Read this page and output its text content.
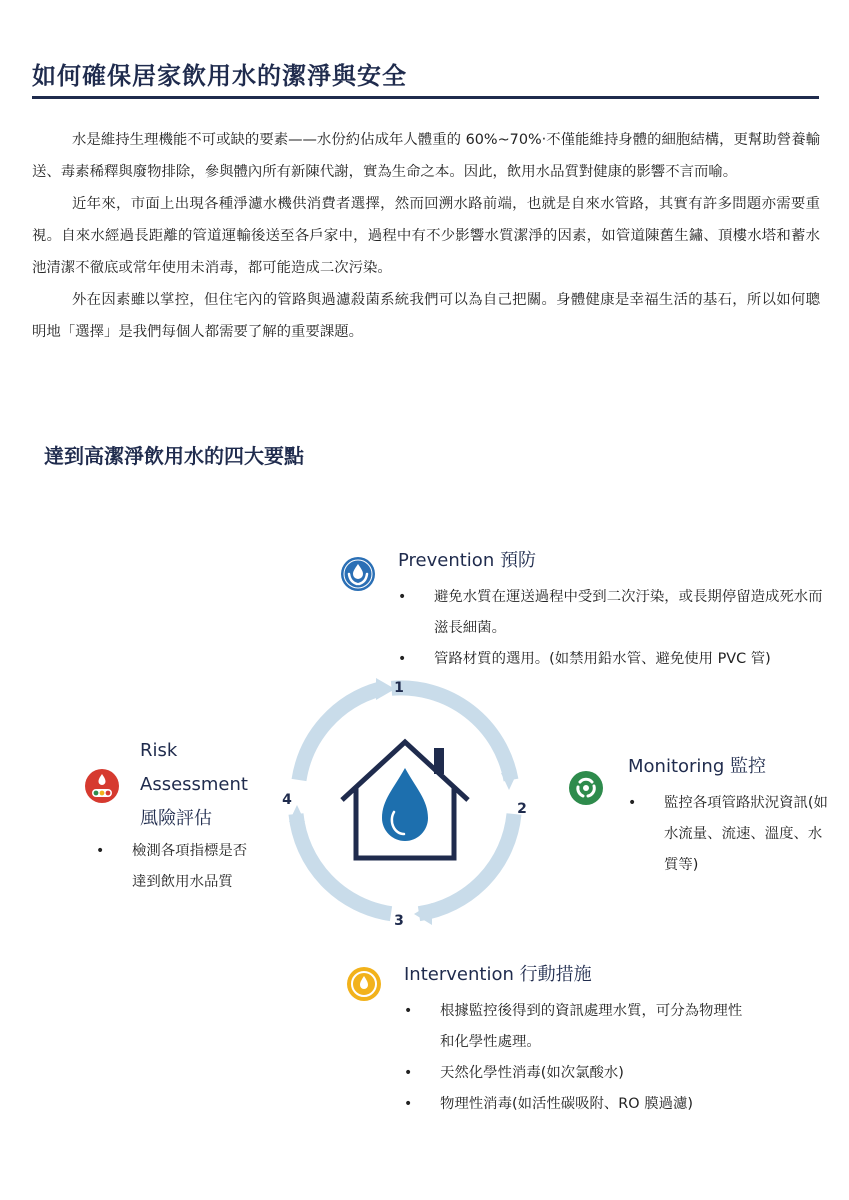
如何確保居家飲用水的潔淨與安全

水是維持生理機能不可或缺的要素——水份約佔成年人體重的 60%~70%‧不僅能維持身體的細胞結構，更幫助營養輸送、毒素稀釋與廢物排除，參與體內所有新陳代謝，實為生命之本。因此，飲用水品質對健康的影響不言而喻。

近年來，市面上出現各種淨濾水機供消費者選擇，然而回溯水路前端，也就是自來水管路，其實有許多問題亦需要重視。自來水經過長距離的管道運輸後送至各戶家中，過程中有不少影響水質潔淨的因素，如管道陳舊生鏽、頂樓水塔和蓄水池清潔不徹底或常年使用未消毒，都可能造成二次污染。

外在因素雖以掌控，但住宅內的管路與過濾殺菌系統我們可以為自己把關。身體健康是幸福生活的基石，所以如何聰明地「選擇」是我們每個人都需要了解的重要課題。

達到高潔淨飲用水的四大要點
1
2
3
4
Prevention 預防
• 避免水質在運送過程中受到二次汙染，或長期停留造成死水而滋長細菌。
• 管路材質的選用。(如禁用鉛水管、避免使用 PVC 管)
Monitoring 監控
• 監控各項管路狀況資訊(如水流量、流速、溫度、水質等)
Intervention 行動措施
• 根據監控後得到的資訊處理水質，可分為物理性和化學性處理。
• 天然化學性消毒(如次氯酸水)
• 物理性消毒(如活性碳吸附、RO 膜過濾)
Risk
Assessment
風險評估
• 檢測各項指標是否達到飲用水品質
